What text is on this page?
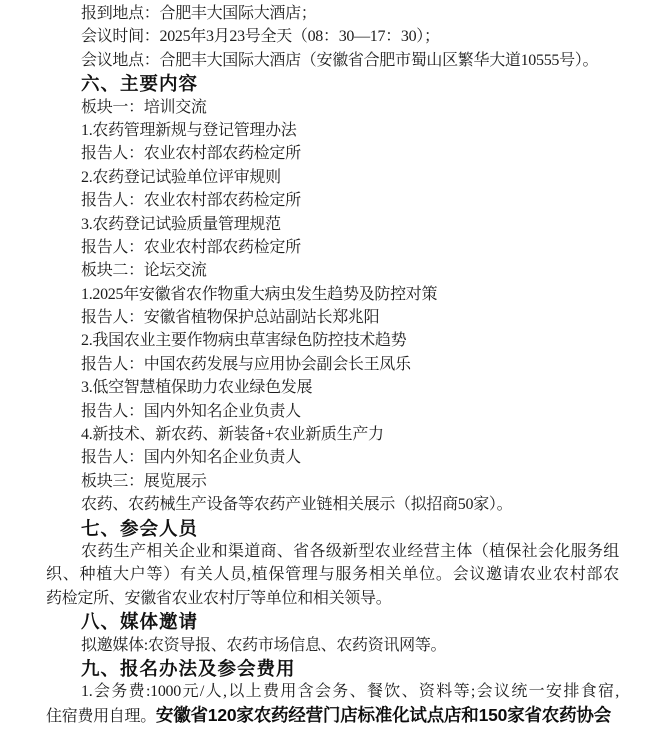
报到地点：合肥丰大国际大酒店；
会议时间：2025年3月23号全天（08：30—17：30）；
会议地点：合肥丰大国际大酒店（安徽省合肥市蜀山区繁华大道10555号）。
六、主要内容
板块一：培训交流
1.农药管理新规与登记管理办法
报告人：农业农村部农药检定所
2.农药登记试验单位评审规则
报告人：农业农村部农药检定所
3.农药登记试验质量管理规范
报告人：农业农村部农药检定所
板块二：论坛交流
1.2025年安徽省农作物重大病虫发生趋势及防控对策
报告人：安徽省植物保护总站副站长郑兆阳
2.我国农业主要作物病虫草害绿色防控技术趋势
报告人：中国农药发展与应用协会副会长王凤乐
3.低空智慧植保助力农业绿色发展
报告人：国内外知名企业负责人
4.新技术、新农药、新装备+农业新质生产力
报告人：国内外知名企业负责人
板块三：展览展示
农药、农药械生产设备等农药产业链相关展示（拟招商50家）。
七、参会人员
农药生产相关企业和渠道商、省各级新型农业经营主体（植保社会化服务组
织、种植大户等）有关人员,植保管理与服务相关单位。会议邀请农业农村部农
药检定所、安徽省农业农村厅等单位和相关领导。
八、媒体邀请
拟邀媒体:农资导报、农药市场信息、农药资讯网等。
九、报名办法及参会费用
1.会务费:1000元/人,以上费用含会务、餐饮、资料等;会议统一安排食宿,
住宿费用自理。安徽省120家农药经营门店标准化试点店和150家省农药协会
